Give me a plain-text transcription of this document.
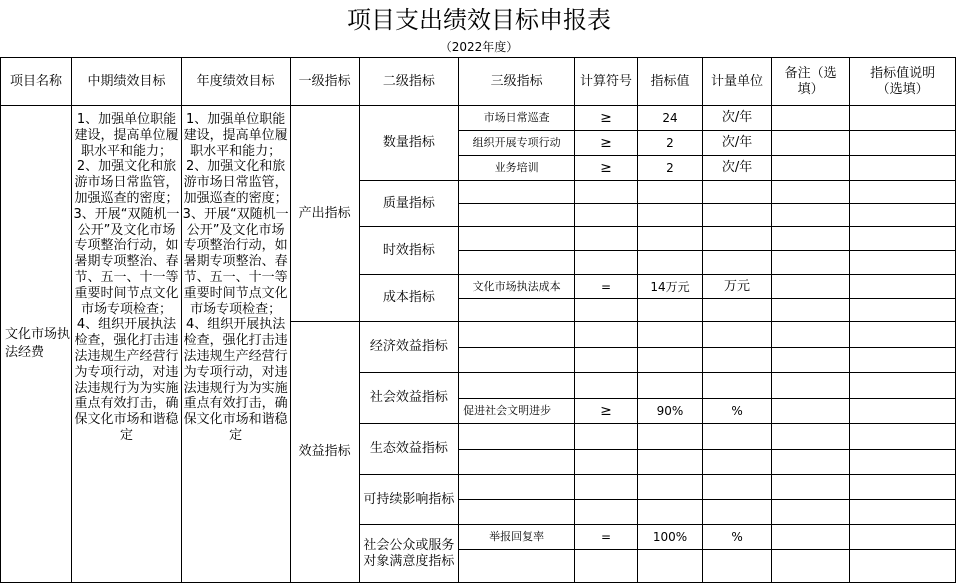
项目支出绩效目标申报表
（2022年度）
项目名称	中期绩效目标	年度绩效目标	一级指标	二级指标	三级指标	计算符号	指标值	计量单位	备注（选填）	指标值说明（选填）
文化市场执法经费	1、加强单位职能建设，提高单位履职水平和能力；2、加强文化和旅游市场日常监管，加强巡查的密度；3、开展“双随机一公开”及文化市场专项整治行动，如暑期专项整治、春节、五一、十一等重要时间节点文化市场专项检查；4、组织开展执法检查，强化打击违法违规生产经营行为专项行动，对违法违规行为为实施重点有效打击，确保文化市场和谐稳定	1、加强单位职能建设，提高单位履职水平和能力；2、加强文化和旅游市场日常监管，加强巡查的密度；3、开展“双随机一公开”及文化市场专项整治行动，如暑期专项整治、春节、五一、十一等重要时间节点文化市场专项检查；4、组织开展执法检查，强化打击违法违规生产经营行为专项行动，对违法违规行为为实施重点有效打击，确保文化市场和谐稳定	产出指标	数量指标	市场日常巡查	≥	24	次/年		
					组织开展专项行动	≥	2	次/年		
					业务培训	≥	2	次/年		
				质量指标						

				时效指标						

				成本指标	文化市场执法成本	=	14万元	万元		

			效益指标	经济效益指标						

				社会效益指标						
					促进社会文明进步	≥	90%	%		
				生态效益指标						

				可持续影响指标						

				社会公众或服务对象满意度指标	举报回复率	=	100%	%		
